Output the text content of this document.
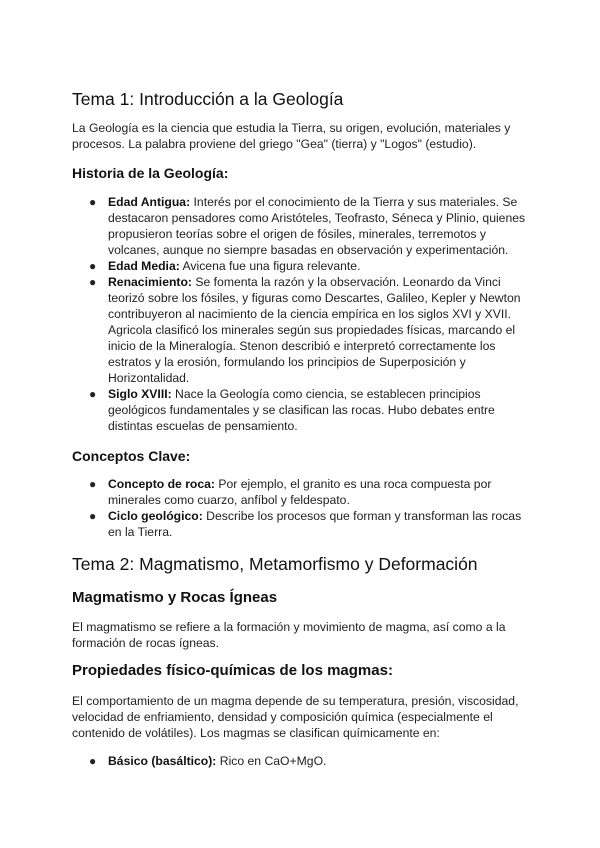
Tema 1: Introducción a la Geología

La Geología es la ciencia que estudia la Tierra, su origen, evolución, materiales y procesos. La palabra proviene del griego "Gea" (tierra) y "Logos" (estudio).

Historia de la Geología:
● Edad Antigua: Interés por el conocimiento de la Tierra y sus materiales. Se destacaron pensadores como Aristóteles, Teofrasto, Séneca y Plinio, quienes propusieron teorías sobre el origen de fósiles, minerales, terremotos y volcanes, aunque no siempre basadas en observación y experimentación.
● Edad Media: Avicena fue una figura relevante.
● Renacimiento: Se fomenta la razón y la observación. Leonardo da Vinci teorizó sobre los fósiles, y figuras como Descartes, Galileo, Kepler y Newton contribuyeron al nacimiento de la ciencia empírica en los siglos XVI y XVII. Agricola clasificó los minerales según sus propiedades físicas, marcando el inicio de la Mineralogía. Stenon describió e interpretó correctamente los estratos y la erosión, formulando los principios de Superposición y Horizontalidad.
● Siglo XVIII: Nace la Geología como ciencia, se establecen principios geológicos fundamentales y se clasifican las rocas. Hubo debates entre distintas escuelas de pensamiento.
Conceptos Clave:
● Concepto de roca: Por ejemplo, el granito es una roca compuesta por minerales como cuarzo, anfíbol y feldespato.
● Ciclo geológico: Describe los procesos que forman y transforman las rocas en la Tierra.
Tema 2: Magmatismo, Metamorfismo y Deformación
Magmatismo y Rocas Ígneas

El magmatismo se refiere a la formación y movimiento de magma, así como a la formación de rocas ígneas.

Propiedades físico-químicas de los magmas:

El comportamiento de un magma depende de su temperatura, presión, viscosidad, velocidad de enfriamiento, densidad y composición química (especialmente el contenido de volátiles). Los magmas se clasifican químicamente en:

● Básico (basáltico): Rico en CaO+MgO.
